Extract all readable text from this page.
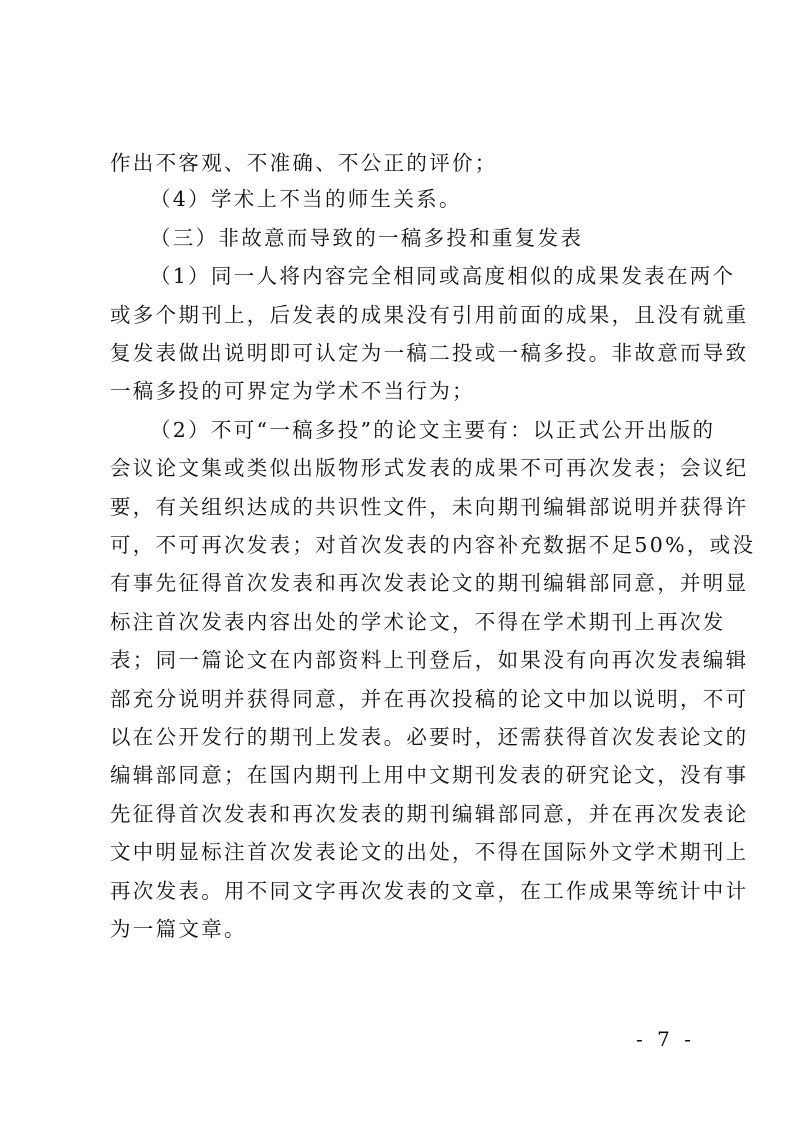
作出不客观、不准确、不公正的评价；
（4）学术上不当的师生关系。
（三）非故意而导致的一稿多投和重复发表
（1）同一人将内容完全相同或高度相似的成果发表在两个
或多个期刊上，后发表的成果没有引用前面的成果，且没有就重
复发表做出说明即可认定为一稿二投或一稿多投。非故意而导致
一稿多投的可界定为学术不当行为；
（2）不可“一稿多投”的论文主要有：以正式公开出版的
会议论文集或类似出版物形式发表的成果不可再次发表；会议纪
要，有关组织达成的共识性文件，未向期刊编辑部说明并获得许
可，不可再次发表；对首次发表的内容补充数据不足50%，或没
有事先征得首次发表和再次发表论文的期刊编辑部同意，并明显
标注首次发表内容出处的学术论文，不得在学术期刊上再次发
表；同一篇论文在内部资料上刊登后，如果没有向再次发表编辑
部充分说明并获得同意，并在再次投稿的论文中加以说明，不可
以在公开发行的期刊上发表。必要时，还需获得首次发表论文的
编辑部同意；在国内期刊上用中文期刊发表的研究论文，没有事
先征得首次发表和再次发表的期刊编辑部同意，并在再次发表论
文中明显标注首次发表论文的出处，不得在国际外文学术期刊上
再次发表。用不同文字再次发表的文章，在工作成果等统计中计
为一篇文章。
- 7 -
